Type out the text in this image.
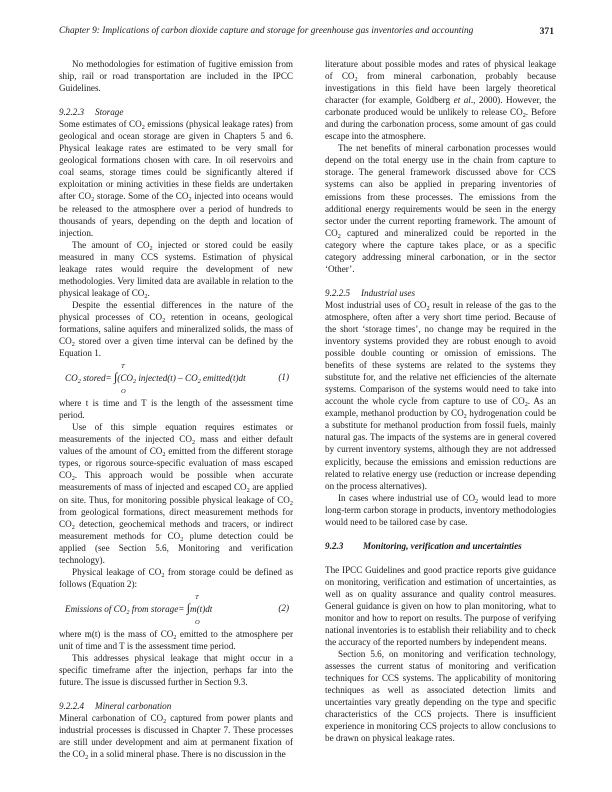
Chapter 9: Implications of carbon dioxide capture and storage for greenhouse gas inventories and accounting	371

No methodologies for estimation of fugitive emission from ship, rail or road transportation are included in the IPCC Guidelines.

9.2.2.3 Storage

Some estimates of $CO_2$ emissions (physical leakage rates) from geological and ocean storage are given in Chapters 5 and 6. Physical leakage rates are estimated to be very small for geological formations chosen with care. In oil reservoirs and coal seams, storage times could be significantly altered if exploitation or mining activities in these fields are undertaken after $CO_2$ storage. Some of the $CO_2$ injected into oceans would be released to the atmosphere over a period of hundreds to thousands of years, depending on the depth and location of injection.

The amount of $CO_2$ injected or stored could be easily measured in many CCS systems. Estimation of physical leakage rates would require the development of new methodologies. Very limited data are available in relation to the physical leakage of $CO_2$.

Despite the essential differences in the nature of the physical processes of $CO_2$ retention in oceans, geological formations, saline aquifers and mineralized solids, the mass of $CO_2$ stored over a given time interval can be defined by the Equation 1.

T
$CO_2$ stored= $\int(CO_2$ injected(t) – $CO_2$ emitted(t)dt
O
(1)

where t is time and T is the length of the assessment time period.

Use of this simple equation requires estimates or measurements of the injected $CO_2$ mass and either default values of the amount of $CO_2$ emitted from the different storage types, or rigorous source-specific evaluation of mass escaped $CO_2$. This approach would be possible when accurate measurements of mass of injected and escaped $CO_2$ are applied on site. Thus, for monitoring possible physical leakage of $CO_2$ from geological formations, direct measurement methods for $CO_2$ detection, geochemical methods and tracers, or indirect measurement methods for $CO_2$ plume detection could be applied (see Section 5.6, Monitoring and verification technology).

Physical leakage of $CO_2$ from storage could be defined as follows (Equation 2):

T
Emissions of $CO_2$ from storage= ∫m(t)dt
O
(2)

where m(t) is the mass of $CO_2$ emitted to the atmosphere per unit of time and T is the assessment time period.

This addresses physical leakage that might occur in a specific timeframe after the injection, perhaps far into the future. The issue is discussed further in Section 9.3.

9.2.2.4 Mineral carbonation

Mineral carbonation of $CO_2$ captured from power plants and industrial processes is discussed in Chapter 7. These processes are still under development and aim at permanent fixation of the $CO_2$ in a solid mineral phase. There is no discussion in the

literature about possible modes and rates of physical leakage of $CO_2$ from mineral carbonation, probably because investigations in this field have been largely theoretical character (for example, Goldberg et al., 2000). However, the carbonate produced would be unlikely to release $CO_2$. Before and during the carbonation process, some amount of gas could escape into the atmosphere.

The net benefits of mineral carbonation processes would depend on the total energy use in the chain from capture to storage. The general framework discussed above for CCS systems can also be applied in preparing inventories of emissions from these processes. The emissions from the additional energy requirements would be seen in the energy sector under the current reporting framework. The amount of $CO_2$ captured and mineralized could be reported in the category where the capture takes place, or as a specific category addressing mineral carbonation, or in the sector ‘Other’.

9.2.2.5 Industrial uses

Most industrial uses of $CO_2$ result in release of the gas to the atmosphere, often after a very short time period. Because of the short ‘storage times’, no change may be required in the inventory systems provided they are robust enough to avoid possible double counting or omission of emissions. The benefits of these systems are related to the systems they substitute for, and the relative net efficiencies of the alternate systems. Comparison of the systems would need to take into account the whole cycle from capture to use of $CO_2$. As an example, methanol production by $CO_2$ hydrogenation could be a substitute for methanol production from fossil fuels, mainly natural gas. The impacts of the systems are in general covered by current inventory systems, although they are not addressed explicitly, because the emissions and emission reductions are related to relative energy use (reduction or increase depending on the process alternatives).

In cases where industrial use of $CO_2$ would lead to more long-term carbon storage in products, inventory methodologies would need to be tailored case by case.

9.2.3 Monitoring, verification and uncertainties

The IPCC Guidelines and good practice reports give guidance on monitoring, verification and estimation of uncertainties, as well as on quality assurance and quality control measures. General guidance is given on how to plan monitoring, what to monitor and how to report on results. The purpose of verifying national inventories is to establish their reliability and to check the accuracy of the reported numbers by independent means.

Section 5.6, on monitoring and verification technology, assesses the current status of monitoring and verification techniques for CCS systems. The applicability of monitoring techniques as well as associated detection limits and uncertainties vary greatly depending on the type and specific characteristics of the CCS projects. There is insufficient experience in monitoring CCS projects to allow conclusions to be drawn on physical leakage rates.
